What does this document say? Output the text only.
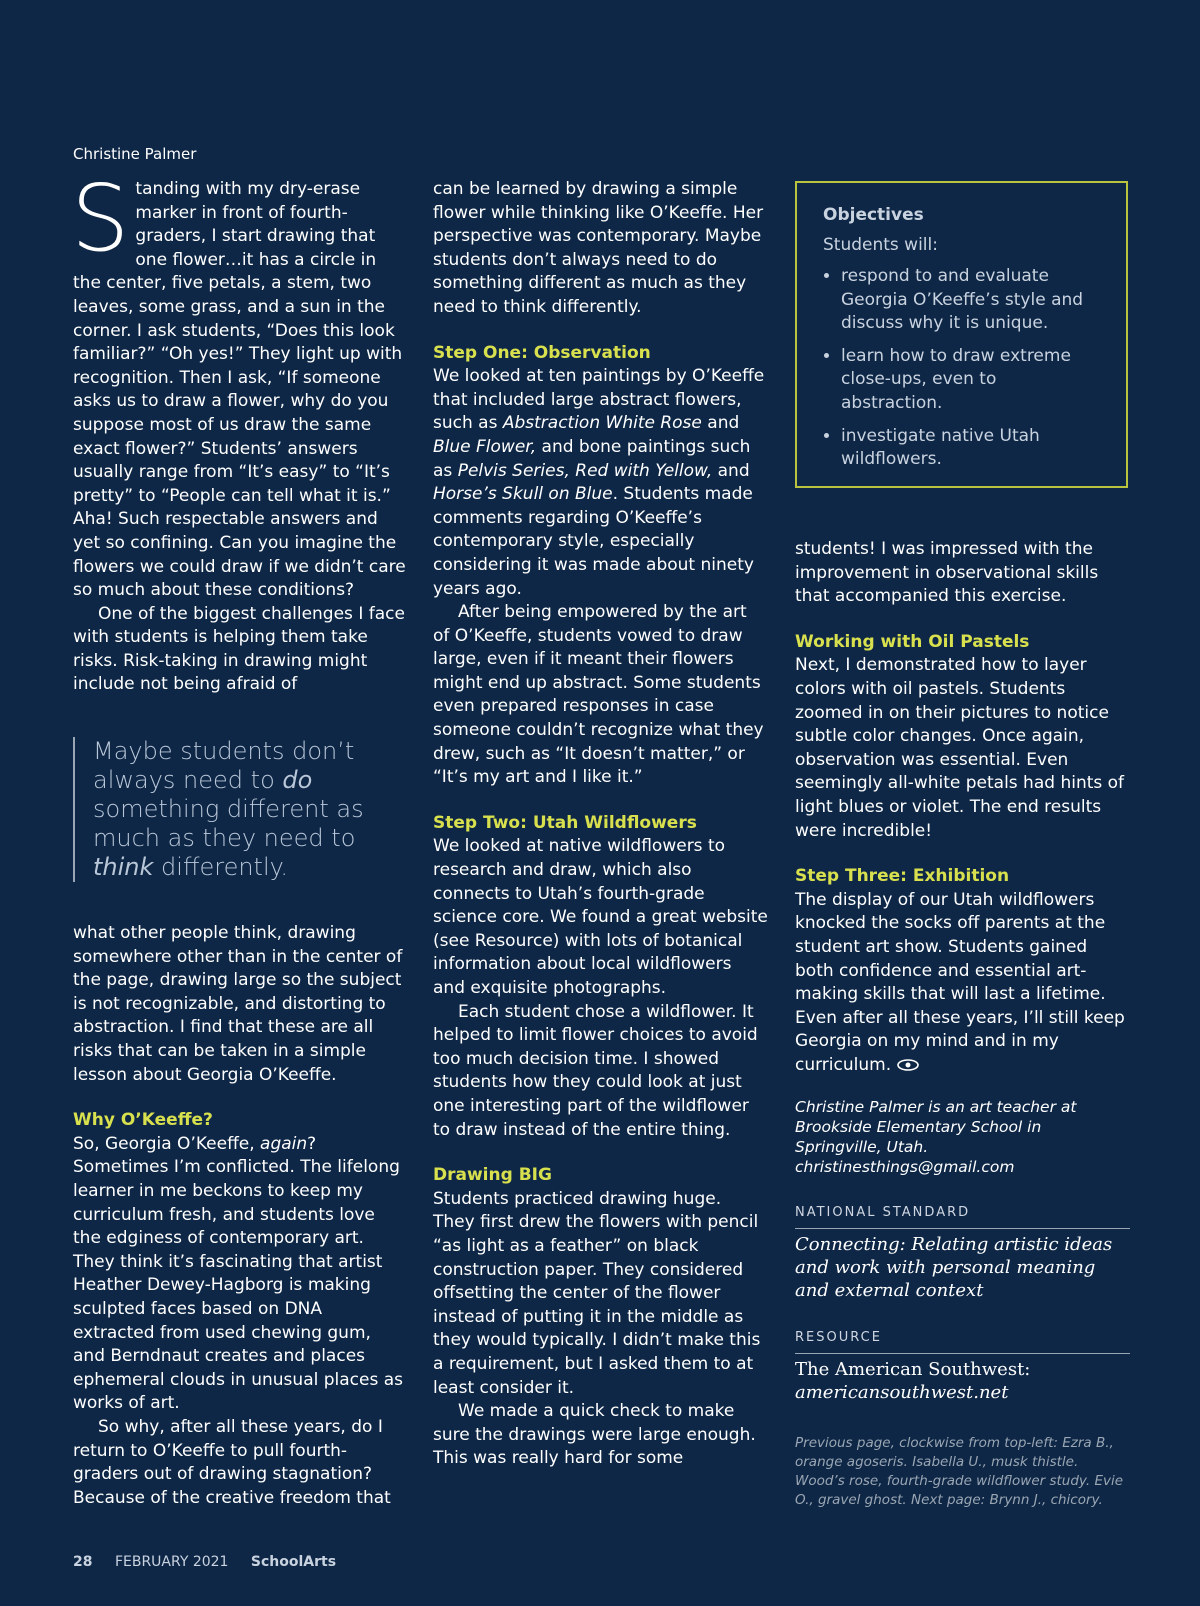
Christine Palmer

Standing with my dry-erase marker in front of fourth-graders, I start drawing that one flower…it has a circle in the center, five petals, a stem, two leaves, some grass, and a sun in the corner. I ask students, “Does this look familiar?” “Oh yes!” They light up with recognition. Then I ask, “If someone asks us to draw a flower, why do you suppose most of us draw the same exact flower?” Students’ answers usually range from “It’s easy” to “It’s pretty” to “People can tell what it is.” Aha! Such respectable answers and yet so confining. Can you imagine the flowers we could draw if we didn’t care so much about these conditions?

One of the biggest challenges I face with students is helping them take risks. Risk-taking in drawing might include not being afraid of

Maybe students don’t always need to do something different as much as they need to think differently.

what other people think, drawing somewhere other than in the center of the page, drawing large so the subject is not recognizable, and distorting to abstraction. I find that these are all risks that can be taken in a simple lesson about Georgia O’Keeffe.

Why O’Keeffe?

So, Georgia O’Keeffe, again? Sometimes I’m conflicted. The lifelong learner in me beckons to keep my curriculum fresh, and students love the edginess of contemporary art. They think it’s fascinating that artist Heather Dewey-Hagborg is making sculpted faces based on DNA extracted from used chewing gum, and Berndnaut creates and places ephemeral clouds in unusual places as works of art.

So why, after all these years, do I return to O’Keeffe to pull fourth-graders out of drawing stagnation? Because of the creative freedom that

can be learned by drawing a simple flower while thinking like O’Keeffe. Her perspective was contemporary. Maybe students don’t always need to do something different as much as they need to think differently.

Step One: Observation

We looked at ten paintings by O’Keeffe that included large abstract flowers, such as Abstraction White Rose and Blue Flower, and bone paintings such as Pelvis Series, Red with Yellow, and Horse’s Skull on Blue. Students made comments regarding O’Keeffe’s contemporary style, especially considering it was made about ninety years ago.

After being empowered by the art of O’Keeffe, students vowed to draw large, even if it meant their flowers might end up abstract. Some students even prepared responses in case someone couldn’t recognize what they drew, such as “It doesn’t matter,” or “It’s my art and I like it.”

Step Two: Utah Wildflowers

We looked at native wildflowers to research and draw, which also connects to Utah’s fourth-grade science core. We found a great website (see Resource) with lots of botanical information about local wildflowers and exquisite photographs.

Each student chose a wildflower. It helped to limit flower choices to avoid too much decision time. I showed students how they could look at just one interesting part of the wildflower to draw instead of the entire thing.

Drawing BIG

Students practiced drawing huge. They first drew the flowers with pencil “as light as a feather” on black construction paper. They considered offsetting the center of the flower instead of putting it in the middle as they would typically. I didn’t make this a requirement, but I asked them to at least consider it.

We made a quick check to make sure the drawings were large enough. This was really hard for some

Objectives
Students will:
• respond to and evaluate Georgia O’Keeffe’s style and discuss why it is unique.
• learn how to draw extreme close-ups, even to abstraction.
• investigate native Utah wildflowers.

students! I was impressed with the improvement in observational skills that accompanied this exercise.

Working with Oil Pastels

Next, I demonstrated how to layer colors with oil pastels. Students zoomed in on their pictures to notice subtle color changes. Once again, observation was essential. Even seemingly all-white petals had hints of light blues or violet. The end results were incredible!

Step Three: Exhibition

The display of our Utah wildflowers knocked the socks off parents at the student art show. Students gained both confidence and essential art-making skills that will last a lifetime. Even after all these years, I’ll still keep Georgia on my mind and in my curriculum.

Christine Palmer is an art teacher at Brookside Elementary School in Springville, Utah. christinesthings@gmail.com

NATIONAL STANDARD
Connecting: Relating artistic ideas and work with personal meaning and external context
RESOURCE
The American Southwest: americansouthwest.net

Previous page, clockwise from top-left: Ezra B., orange agoseris. Isabella U., musk thistle. Wood’s rose, fourth-grade wildflower study. Evie O., gravel ghost. Next page: Brynn J., chicory.

28 FEBRUARY 2021 SchoolArts
